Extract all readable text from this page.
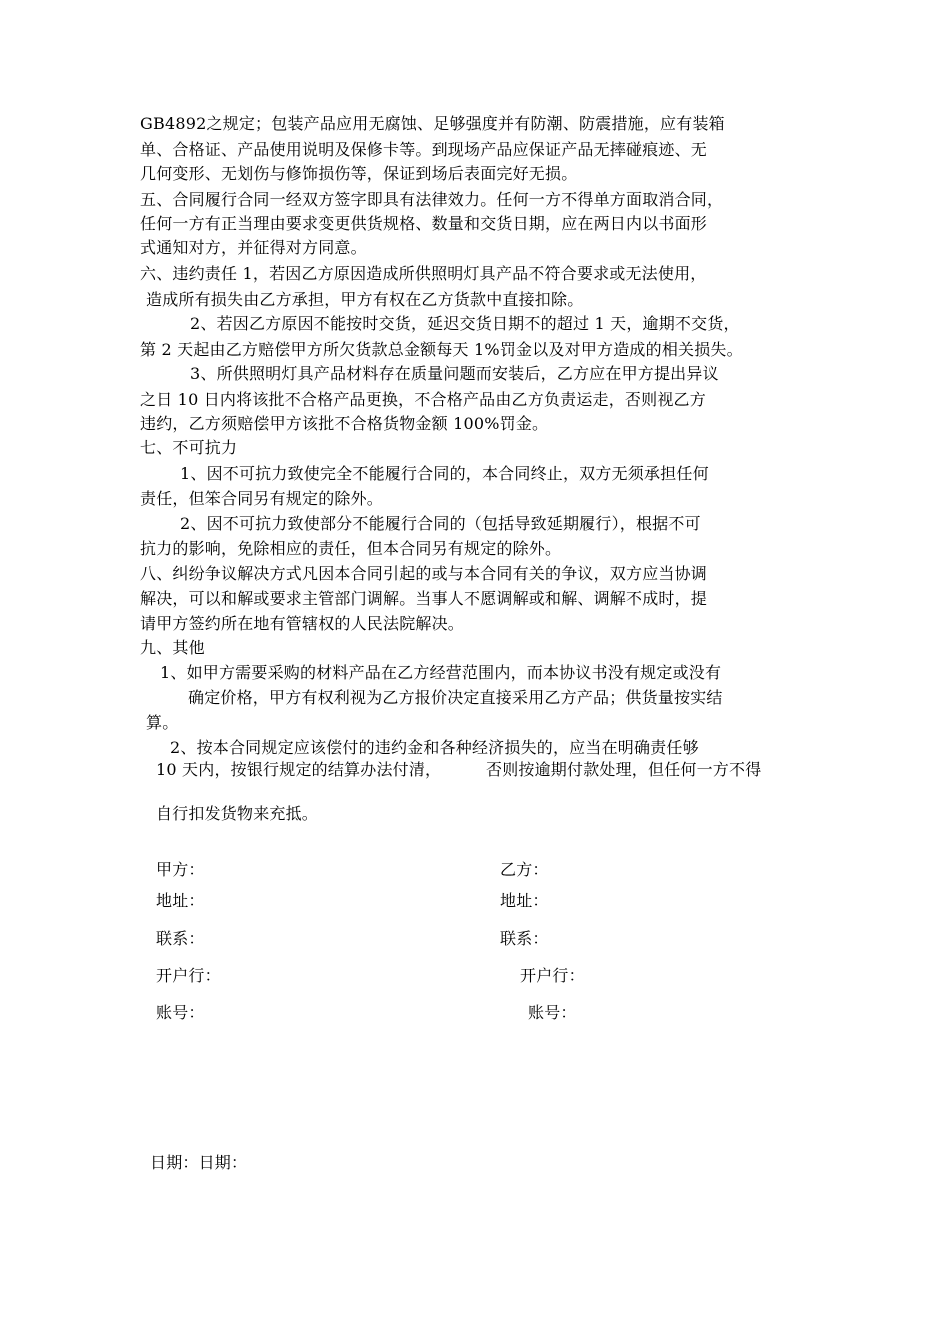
GB4892之规定；包装产品应用无腐蚀、足够强度并有防潮、防震措施，应有装箱
单、合格证、产品使用说明及保修卡等。到现场产品应保证产品无摔碰痕迹、无
几何变形、无划伤与修饰损伤等，保证到场后表面完好无损。
五、合同履行合同一经双方签字即具有法律效力。任何一方不得单方面取消合同，
任何一方有正当理由要求变更供货规格、数量和交货日期，应在两日内以书面形
式通知对方，并征得对方同意。
六、违约责任 1，若因乙方原因造成所供照明灯具产品不符合要求或无法使用，
造成所有损失由乙方承担，甲方有权在乙方货款中直接扣除。
2、若因乙方原因不能按时交货，延迟交货日期不的超过 1 天，逾期不交货，
第 2 天起由乙方赔偿甲方所欠货款总金额每天 1%罚金以及对甲方造成的相关损失。
3、所供照明灯具产品材料存在质量问题而安装后，乙方应在甲方提出异议
之日 10 日内将该批不合格产品更换，不合格产品由乙方负责运走，否则视乙方
违约，乙方须赔偿甲方该批不合格货物金额 100%罚金。
七、不可抗力
1、因不可抗力致使完全不能履行合同的，本合同终止，双方无须承担任何
责任，但笨合同另有规定的除外。
2、因不可抗力致使部分不能履行合同的（包括导致延期履行），根据不可
抗力的影响，免除相应的责任，但本合同另有规定的除外。
八、纠纷争议解决方式凡因本合同引起的或与本合同有关的争议，双方应当协调
解决，可以和解或要求主管部门调解。当事人不愿调解或和解、调解不成时，提
请甲方签约所在地有管辖权的人民法院解决。
九、其他
1、如甲方需要采购的材料产品在乙方经营范围内，而本协议书没有规定或没有
确定价格，甲方有权利视为乙方报价决定直接采用乙方产品；供货量按实结
算。
2、按本合同规定应该偿付的违约金和各种经济损失的，应当在明确责任够
10 天内，按银行规定的结算办法付清，	否则按逾期付款处理，但任何一方不得
自行扣发货物来充抵。
甲方：	乙方：
地址：	地址：
联系：	联系：
开户行：	开户行：
账号：	账号：
日期：日期：
